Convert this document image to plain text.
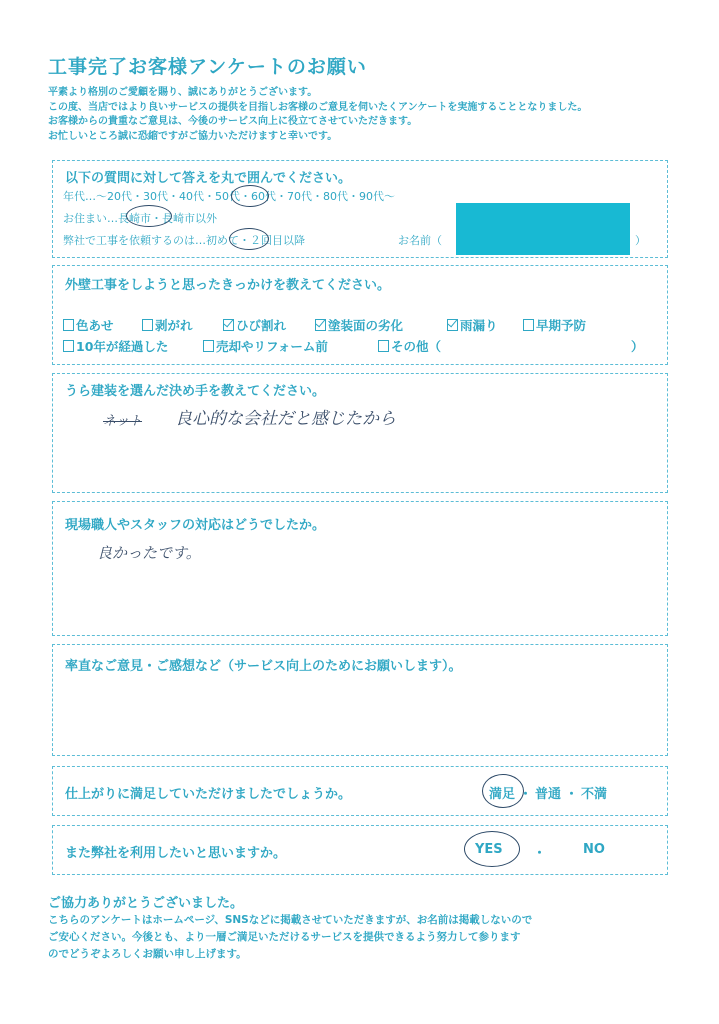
工事完了お客様アンケートのお願い
平素より格別のご愛顧を賜り、誠にありがとうございます。
この度、当店ではより良いサービスの提供を目指しお客様のご意見を伺いたくアンケートを実施することとなりました。
お客様からの貴重なご意見は、今後のサービス向上に役立てさせていただきます。
お忙しいところ誠に恐縮ですがご協力いただけますと幸いです。
以下の質問に対して答えを丸で囲んでください。
年代…～20代・30代・40代・50代・60代・70代・80代・90代～
お住まい…長崎市・長崎市以外
弊社で工事を依頼するのは…初めて・２回目以降	お名前（	）
外壁工事をしようと思ったきっかけを教えてください。
色あせ	剥がれ	ひび割れ	塗装面の劣化	雨漏り	早期予防
10年が経過した	売却やリフォーム前	その他（	）
うら建装を選んだ決め手を教えてください。
ネット 良心的な会社だと感じたから
現場職人やスタッフの対応はどうでしたか。
良かったです。
率直なご意見・ご感想など（サービス向上のためにお願いします）。
仕上がりに満足していただけましたでしょうか。	満足 ・ 普通 ・ 不満
また弊社を利用したいと思いますか。	YES ・	NO
ご協力ありがとうございました。
こちらのアンケートはホームページ、SNSなどに掲載させていただきますが、お名前は掲載しないので
ご安心ください。今後とも、より一層ご満足いただけるサービスを提供できるよう努力して参ります
のでどうぞよろしくお願い申し上げます。
